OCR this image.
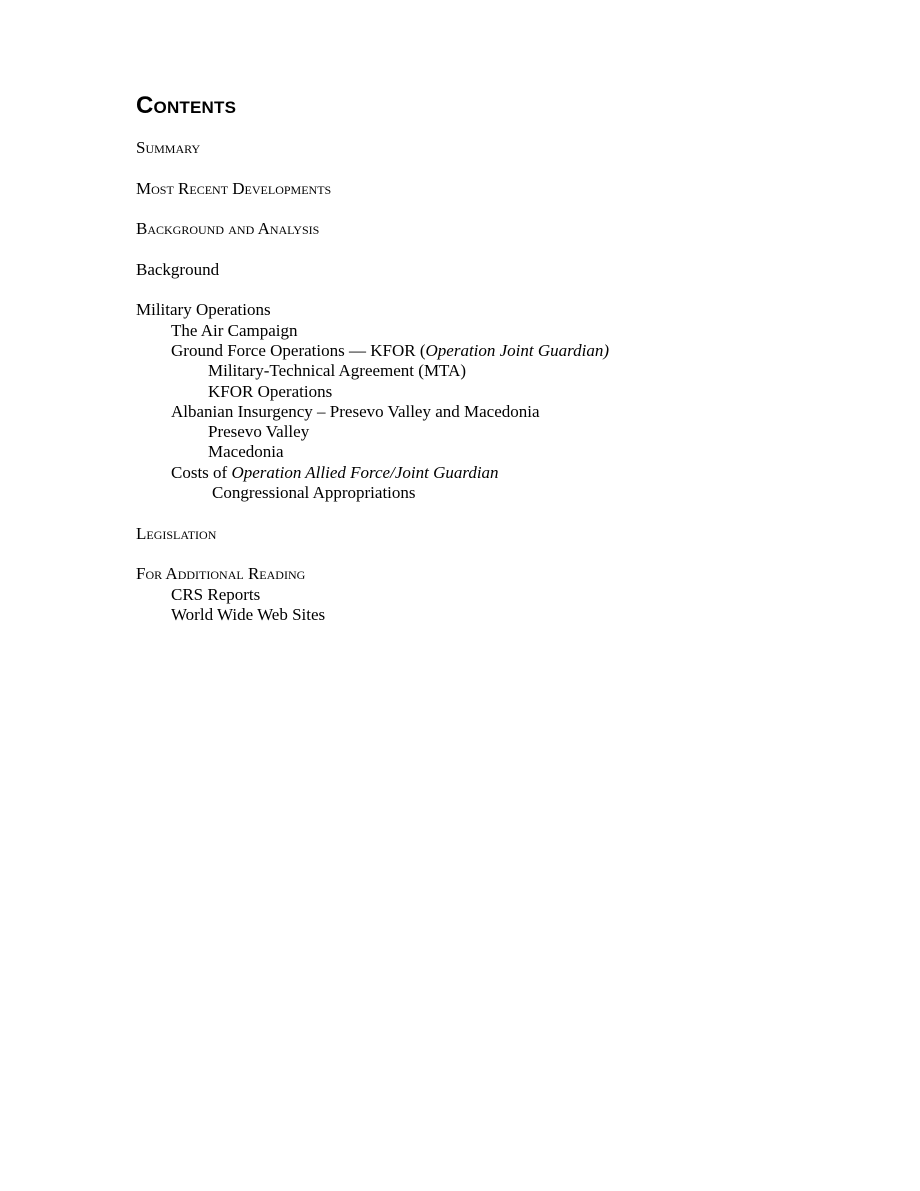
Contents
Summary
Most Recent Developments
Background and Analysis
Background
Military Operations
The Air Campaign
Ground Force Operations — KFOR (Operation Joint Guardian)
Military-Technical Agreement (MTA)
KFOR Operations
Albanian Insurgency – Presevo Valley and Macedonia
Presevo Valley
Macedonia
Costs of Operation Allied Force/Joint Guardian
Congressional Appropriations
Legislation
For Additional Reading
CRS Reports
World Wide Web Sites
